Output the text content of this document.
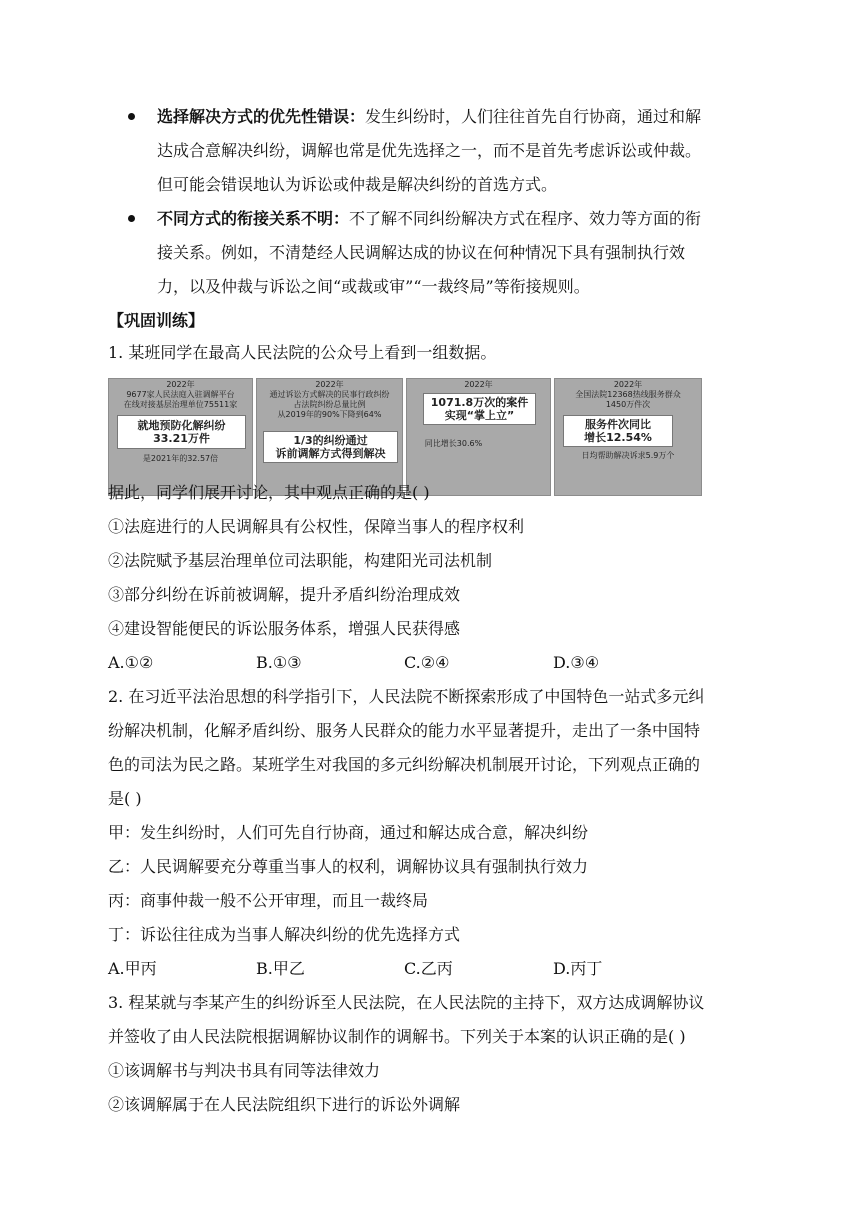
选择解决方式的优先性错误：发生纠纷时，人们往往首先自行协商，通过和解
达成合意解决纠纷，调解也常是优先选择之一，而不是首先考虑诉讼或仲裁。
但可能会错误地认为诉讼或仲裁是解决纠纷的首选方式。
不同方式的衔接关系不明：不了解不同纠纷解决方式在程序、效力等方面的衔
接关系。例如，不清楚经人民调解达成的协议在何种情况下具有强制执行效
力，以及仲裁与诉讼之间“或裁或审”“一裁终局”等衔接规则。
【巩固训练】
1. 某班同学在最高人民法院的公众号上看到一组数据。
2022年
9677家人民法庭入驻调解平台
在线对接基层治理单位75511家
就地预防化解纠纷
33.21万件
是2021年的32.57倍
2022年
通过诉讼方式解决的民事行政纠纷
占法院纠纷总量比例
从2019年的90%下降到64%
1/3的纠纷通过
诉前调解方式得到解决
2022年
1071.8万次的案件
实现“掌上立”
同比增长30.6%
2022年
全国法院12368热线服务群众
1450万件次
服务件次同比
增长12.54%
日均帮助解决诉求5.9万个
据此，同学们展开讨论，其中观点正确的是( )
①法庭进行的人民调解具有公权性，保障当事人的程序权利
②法院赋予基层治理单位司法职能，构建阳光司法机制
③部分纠纷在诉前被调解，提升矛盾纠纷治理成效
④建设智能便民的诉讼服务体系，增强人民获得感
A.①②	B.①③	C.②④	D.③④
2. 在习近平法治思想的科学指引下，人民法院不断探索形成了中国特色一站式多元纠
纷解决机制，化解矛盾纠纷、服务人民群众的能力水平显著提升，走出了一条中国特
色的司法为民之路。某班学生对我国的多元纠纷解决机制展开讨论，下列观点正确的
是( )
甲：发生纠纷时，人们可先自行协商，通过和解达成合意，解决纠纷
乙：人民调解要充分尊重当事人的权利，调解协议具有强制执行效力
丙：商事仲裁一般不公开审理，而且一裁终局
丁：诉讼往往成为当事人解决纠纷的优先选择方式
A.甲丙	B.甲乙	C.乙丙	D.丙丁
3. 程某就与李某产生的纠纷诉至人民法院，在人民法院的主持下，双方达成调解协议
并签收了由人民法院根据调解协议制作的调解书。下列关于本案的认识正确的是( )
①该调解书与判决书具有同等法律效力
②该调解属于在人民法院组织下进行的诉讼外调解
